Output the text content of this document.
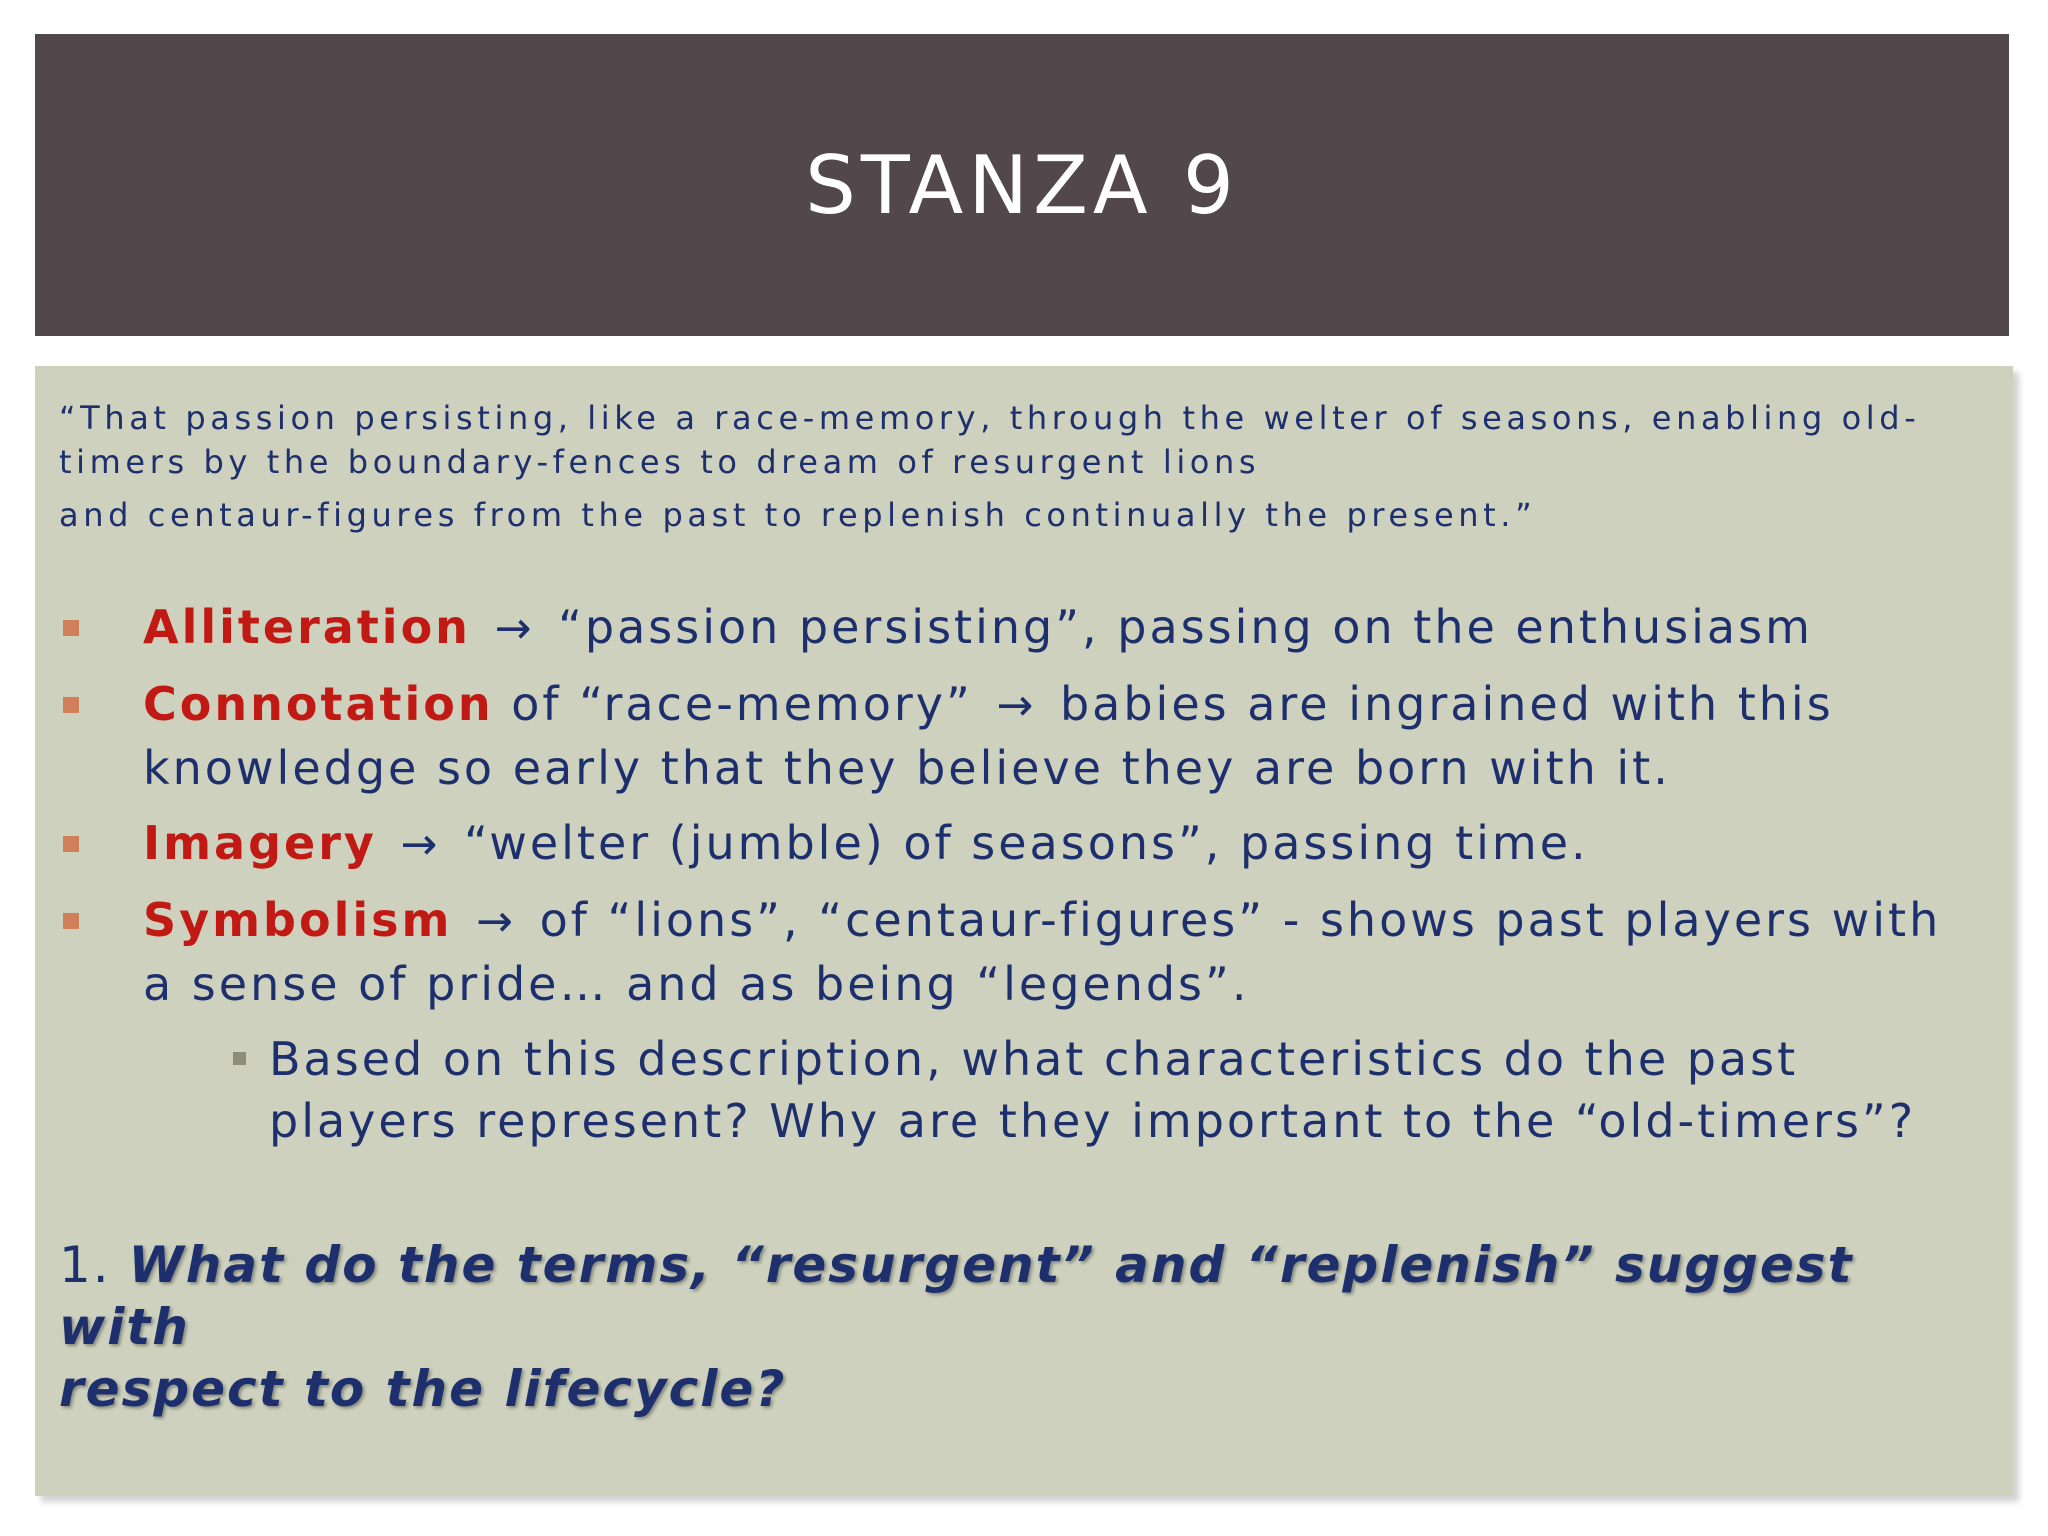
STANZA 9
“That passion persisting, like a race-memory, through the welter of seasons, enabling old-
timers by the boundary-fences to dream of resurgent lions
and centaur-figures from the past to replenish continually the present.”
Alliteration → “passion persisting”, passing on the enthusiasm
Connotation of “race-memory” → babies are ingrained with this
knowledge so early that they believe they are born with it.
Imagery → “welter (jumble) of seasons”, passing time.
Symbolism → of “lions”, “centaur-figures” - shows past players with
a sense of pride… and as being “legends”.
Based on this description, what characteristics do the past
players represent? Why are they important to the “old-timers”?
1. What do the terms, “resurgent” and “replenish” suggest with
respect to the lifecycle?
